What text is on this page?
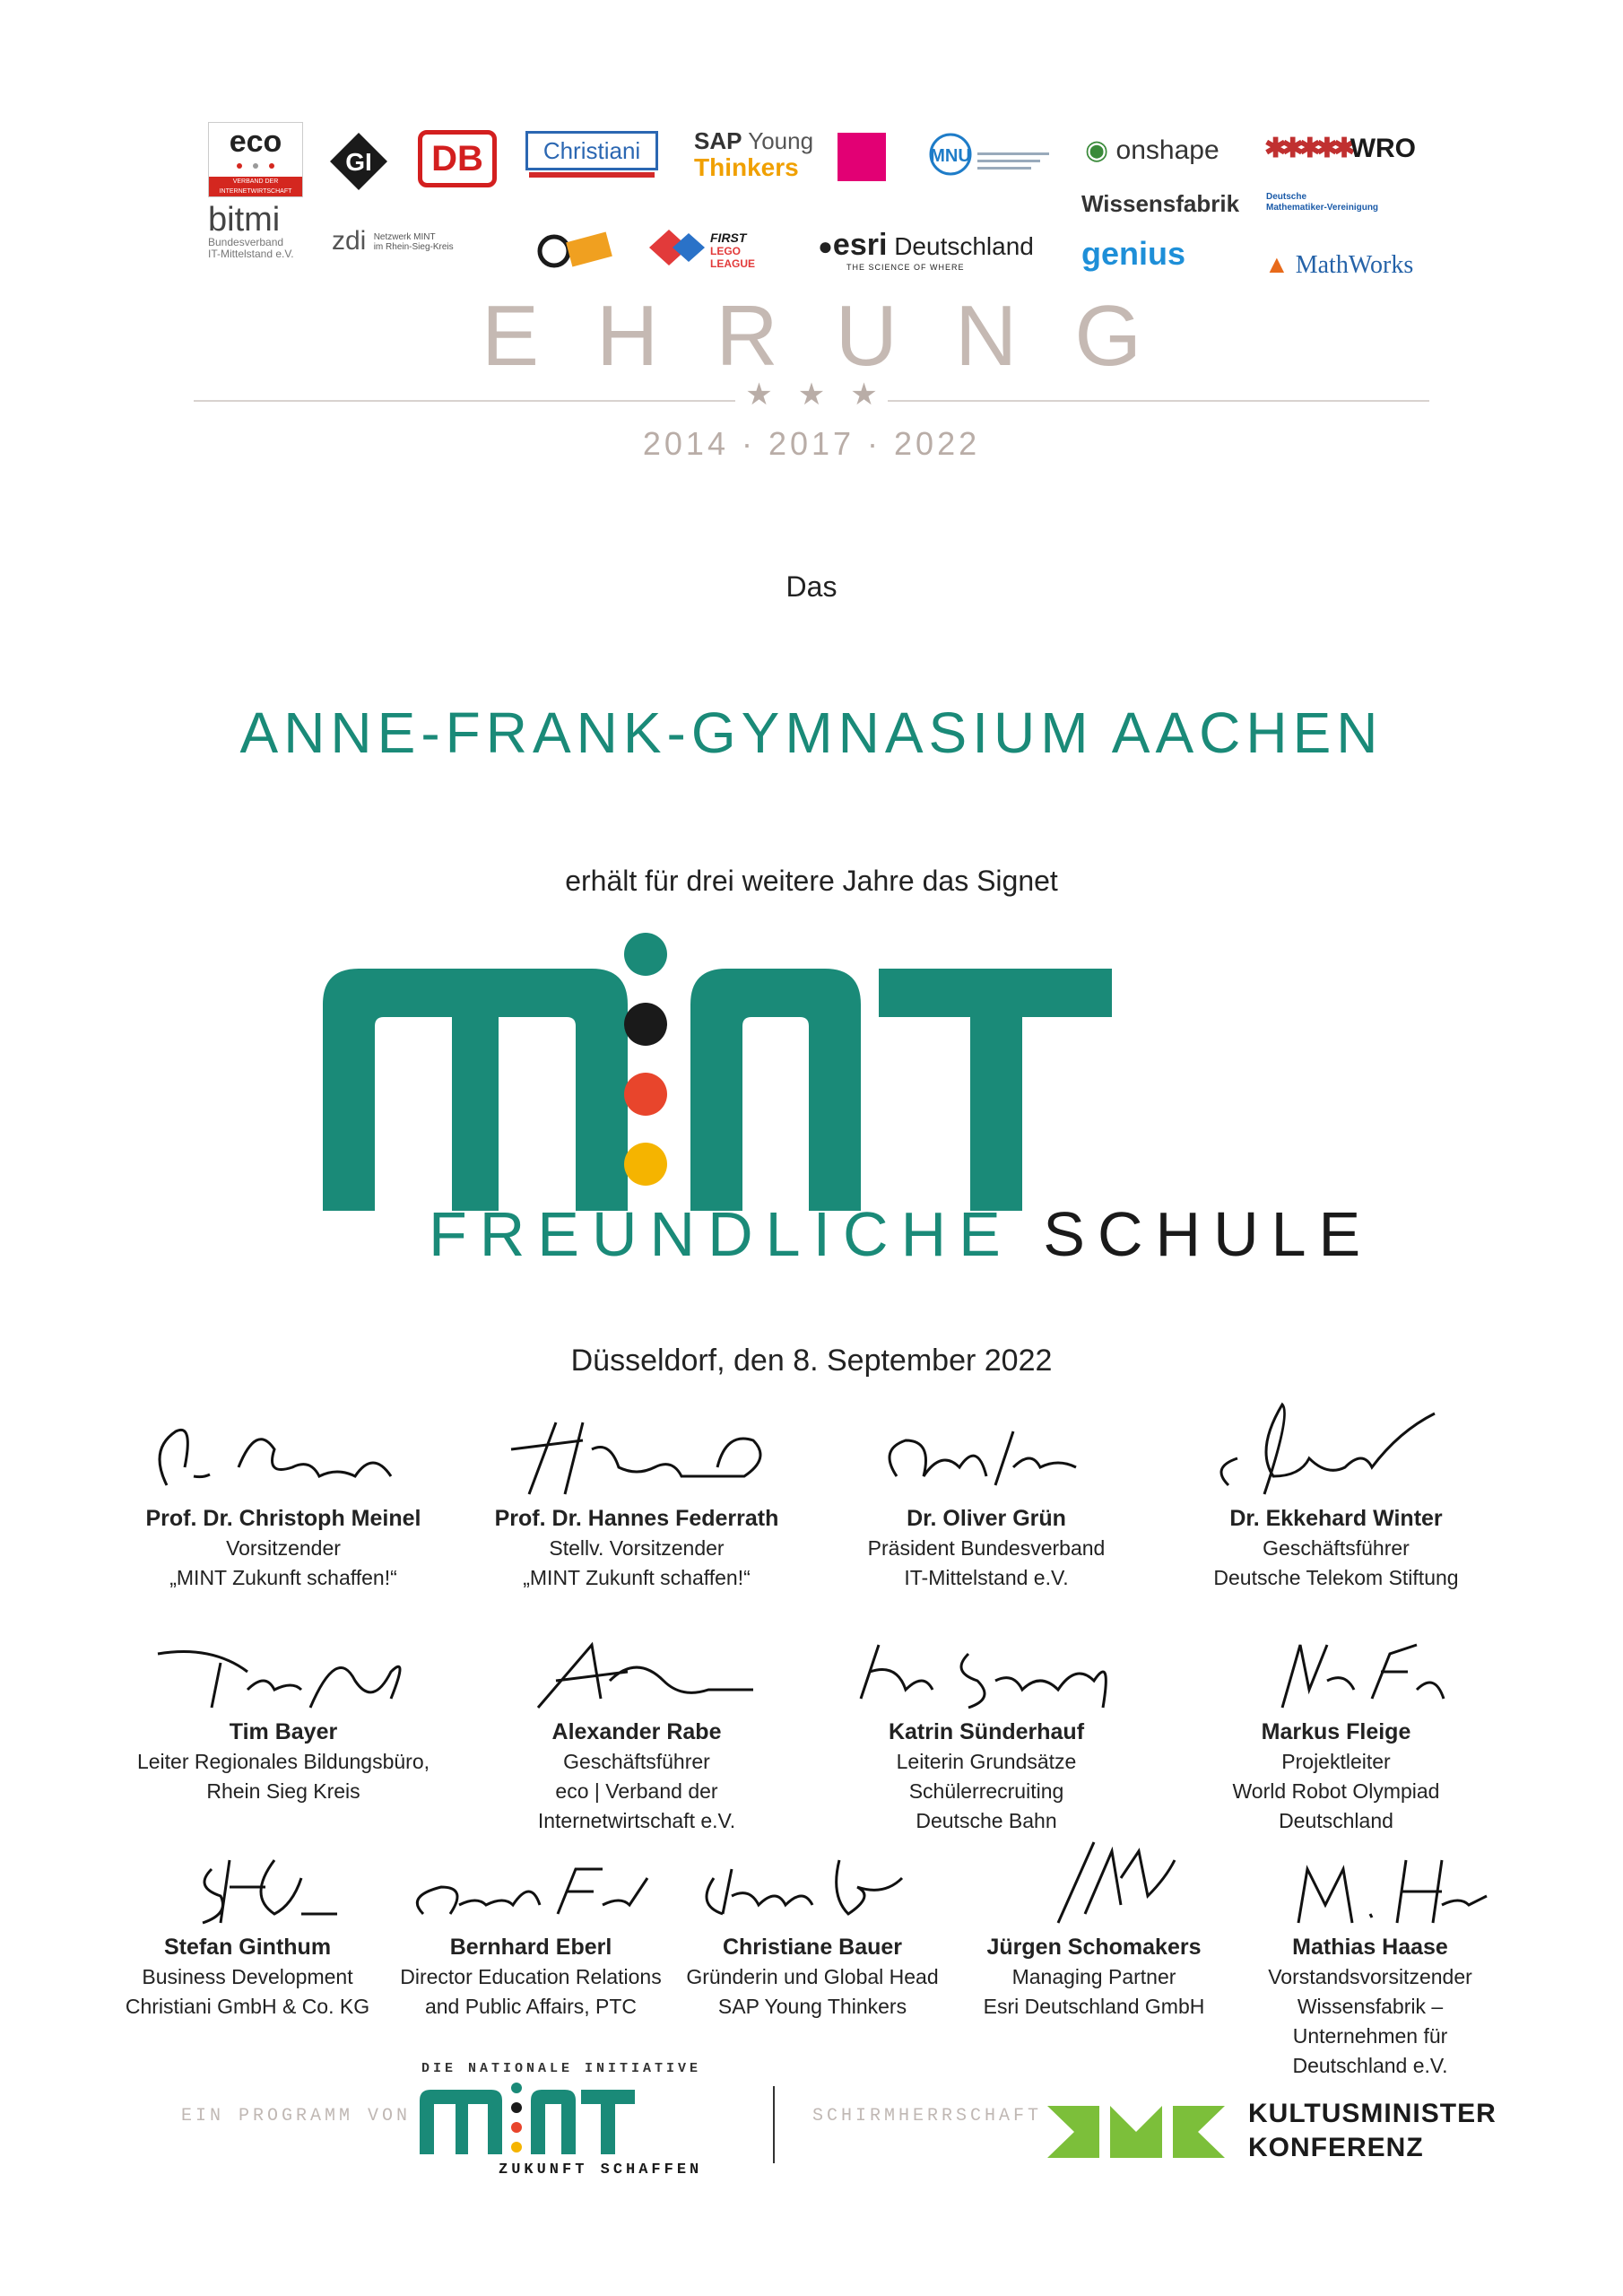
eco
VERBAND DER INTERNETWIRTSCHAFT
bitmi
Bundesverband
IT-Mittelstand e.V.
GI	DB	Christiani	SAP Young
Thinkers	MNU	◉ onshape ✱✱✱✱✱WRO
Wissensfabrik	Deutsche
Mathematiker-Vereinigung
genius	▲ MathWorks
zdi Netzwerk MINT
im Rhein-Sieg-Kreis
FIRST
LEGO
LEAGUE
●esri Deutschland
THE SCIENCE OF WHERE
EHRUNG
★★★
2014 · 2017 · 2022
Das
ANNE-FRANK-GYMNASIUM AACHEN
erhält für drei weitere Jahre das Signet
FREUNDLICHE SCHULE
Düsseldorf, den 8. September 2022
Prof. Dr. Christoph Meinel
Vorsitzender
„MINT Zukunft schaffen!“
Prof. Dr. Hannes Federrath
Stellv. Vorsitzender
„MINT Zukunft schaffen!“
Dr. Oliver Grün
Präsident Bundesverband
IT-Mittelstand e.V.
Dr. Ekkehard Winter
Geschäftsführer
Deutsche Telekom Stiftung
Tim Bayer
Leiter Regionales Bildungsbüro,
Rhein Sieg Kreis
Alexander Rabe
Geschäftsführer
eco | Verband der
Internetwirtschaft e.V.
Katrin Sünderhauf
Leiterin Grundsätze
Schülerrecruiting
Deutsche Bahn
Markus Fleige
Projektleiter
World Robot Olympiad
Deutschland
Stefan Ginthum
Business Development
Christiani GmbH & Co. KG
Bernhard Eberl
Director Education Relations
and Public Affairs, PTC
Christiane Bauer
Gründerin und Global Head
SAP Young Thinkers
Jürgen Schomakers
Managing Partner
Esri Deutschland GmbH
Mathias Haase
Vorstandsvorsitzender
Wissensfabrik –
Unternehmen für
Deutschland e.V.
EIN PROGRAMM VON
DIE NATIONALE INITIATIVE
ZUKUNFT SCHAFFEN
SCHIRMHERRSCHAFT	KULTUSMINISTER
KONFERENZ
